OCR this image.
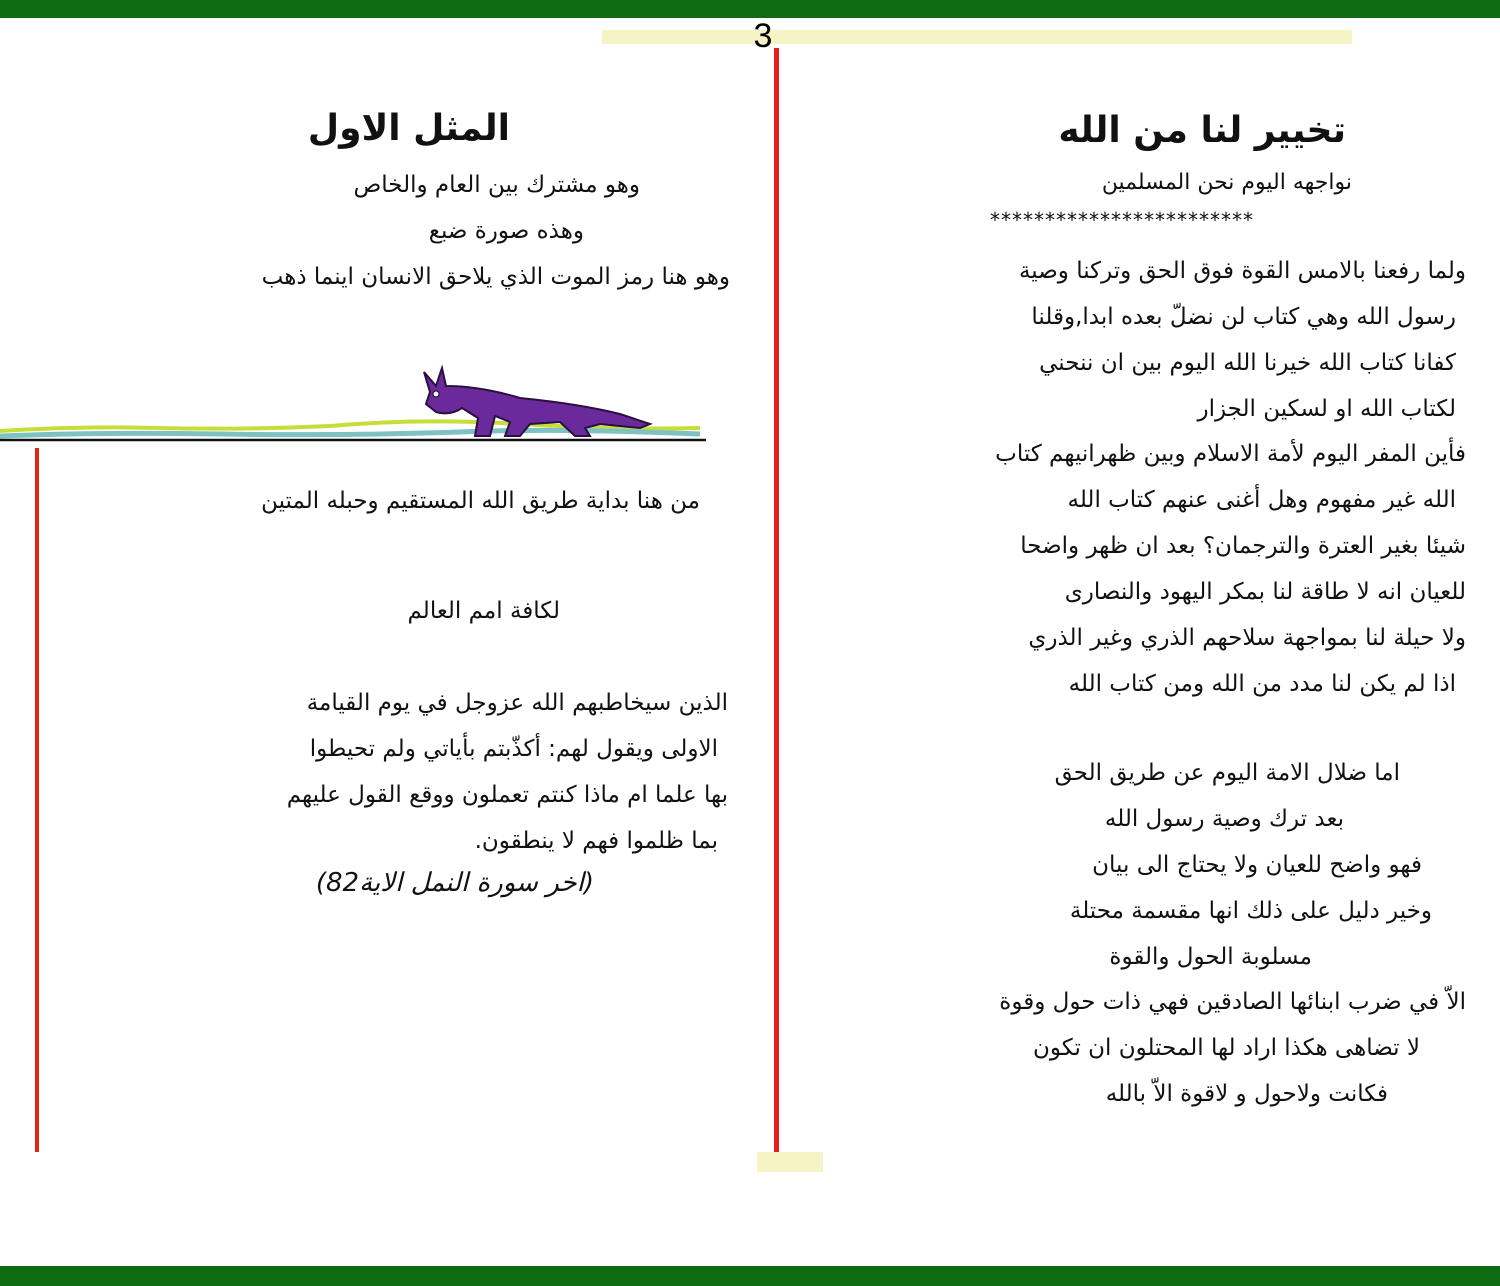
3
تخيير لنا من الله
نواجهه اليوم نحن المسلمين
************************
ولما رفعنا بالامس القوة فوق الحق وتركنا وصية
رسول الله وهي كتاب لن نضلّ بعده ابدا,وقلنا
كفانا كتاب الله خيرنا الله اليوم بين ان ننحني
لكتاب الله او لسكين الجزار
فأين المفر اليوم لأمة الاسلام وبين ظهرانيهم كتاب
الله غير مفهوم وهل أغنى عنهم كتاب الله
شيئا بغير العترة والترجمان؟ بعد ان ظهر واضحا
للعيان انه لا طاقة لنا بمكر اليهود والنصارى
ولا حيلة لنا بمواجهة سلاحهم الذري وغير الذري
اذا لم يكن لنا مدد من الله ومن كتاب الله
اما ضلال الامة اليوم عن طريق الحق
بعد ترك وصية رسول الله
فهو واضح للعيان ولا يحتاج الى بيان
وخير دليل على ذلك انها مقسمة محتلة
مسلوبة الحول والقوة
الاّ في ضرب ابنائها الصادقين فهي ذات حول وقوة
لا تضاهى هكذا اراد لها المحتلون ان تكون
فكانت ولاحول و لاقوة الاّ بالله
المثل الاول
وهو مشترك بين العام والخاص
وهذه صورة ضبع
وهو هنا رمز الموت الذي يلاحق الانسان اينما ذهب
من هنا بداية طريق الله المستقيم وحبله المتين
لكافة امم العالم
الذين سيخاطبهم الله عزوجل في يوم القيامة
الاولى ويقول لهم: أكذّبتم بأياتي ولم تحيطوا
بها علما ام ماذا كنتم تعملون ووقع القول عليهم
بما ظلموا فهم لا ينطقون.
(اخر سورة النمل الاية82)
